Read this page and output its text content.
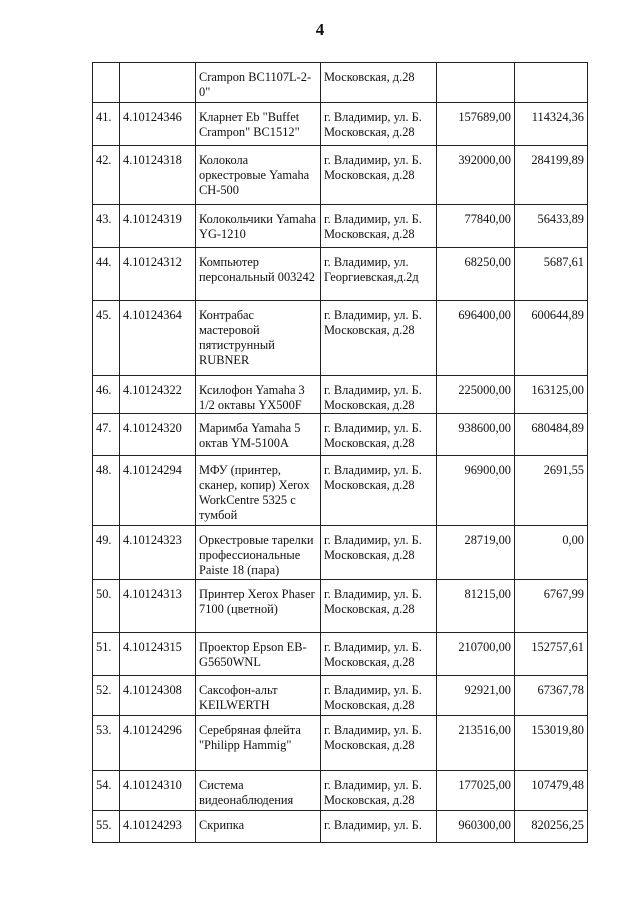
4

		Crampon BC1107L-2-0"	Московская, д.28		

41.	4.10124346	Кларнет Eb "Buffet Crampon" BC1512"	г. Владимир, ул. Б. Московская, д.28	157689,00	114324,36

42.	4.10124318	Колокола оркестровые Yamaha CH-500	г. Владимир, ул. Б. Московская, д.28	392000,00	284199,89

43.	4.10124319	Колокольчики Yamaha YG-1210	г. Владимир, ул. Б. Московская, д.28	77840,00	56433,89

44.	4.10124312	Компьютер персональный 003242	г. Владимир, ул. Георгиевская,д.2д	68250,00	5687,61

45.	4.10124364	Контрабас мастеровой пятиструнный RUBNER	г. Владимир, ул. Б. Московская, д.28	696400,00	600644,89

46.	4.10124322	Ксилофон Yamaha 3 1/2 октавы YX500F	г. Владимир, ул. Б. Московская, д.28	225000,00	163125,00

47.	4.10124320	Маримба Yamaha 5 октав YM-5100A	г. Владимир, ул. Б. Московская, д.28	938600,00	680484,89

48.	4.10124294	МФУ (принтер, сканер, копир) Xerox WorkCentre 5325 с тумбой	г. Владимир, ул. Б. Московская, д.28	96900,00	2691,55

49.	4.10124323	Оркестровые тарелки профессиональные Paiste 18 (пара)	г. Владимир, ул. Б. Московская, д.28	28719,00	0,00

50.	4.10124313	Принтер Xerox Phaser 7100 (цветной)	г. Владимир, ул. Б. Московская, д.28	81215,00	6767,99

51.	4.10124315	Проектор Epson EB-G5650WNL	г. Владимир, ул. Б. Московская, д.28	210700,00	152757,61

52.	4.10124308	Саксофон-альт KEILWERTH	г. Владимир, ул. Б. Московская, д.28	92921,00	67367,78

53.	4.10124296	Серебряная флейта "Philipp Hammig"	г. Владимир, ул. Б. Московская, д.28	213516,00	153019,80

54.	4.10124310	Система видеонаблюдения	г. Владимир, ул. Б. Московская, д.28	177025,00	107479,48

55.	4.10124293	Скрипка	г. Владимир, ул. Б.	960300,00	820256,25
